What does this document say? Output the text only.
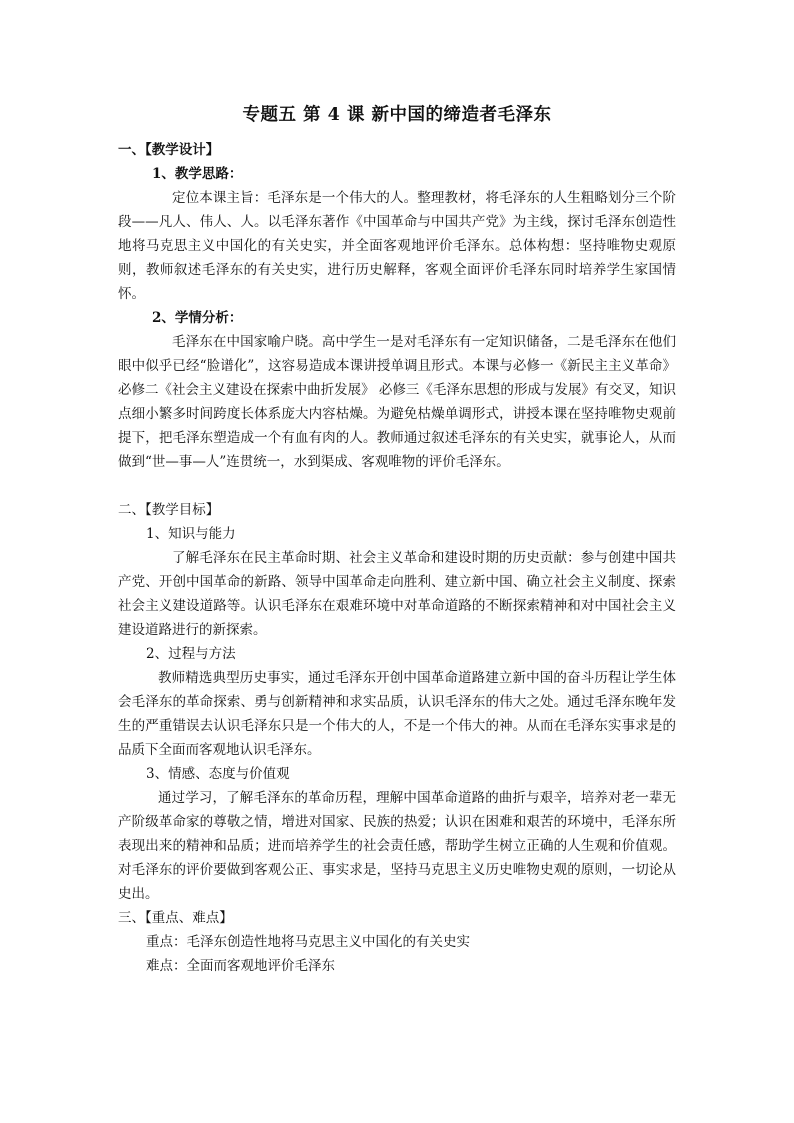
专题五 第 4 课 新中国的缔造者毛泽东
一、【教学设计】
1、教学思路：

定位本课主旨：毛泽东是一个伟大的人。整理教材，将毛泽东的人生粗略划分三个阶段——凡人、伟人、人。以毛泽东著作《中国革命与中国共产党》为主线，探讨毛泽东创造性地将马克思主义中国化的有关史实，并全面客观地评价毛泽东。总体构想：坚持唯物史观原则，教师叙述毛泽东的有关史实，进行历史解释，客观全面评价毛泽东同时培养学生家国情怀。

2、学情分析：

毛泽东在中国家喻户晓。高中学生一是对毛泽东有一定知识储备，二是毛泽东在他们眼中似乎已经“脸谱化”，这容易造成本课讲授单调且形式。本课与必修一《新民主主义革命》 必修二《社会主义建设在探索中曲折发展》 必修三《毛泽东思想的形成与发展》有交叉，知识点细小繁多时间跨度长体系庞大内容枯燥。为避免枯燥单调形式，讲授本课在坚持唯物史观前提下，把毛泽东塑造成一个有血有肉的人。教师通过叙述毛泽东的有关史实，就事论人，从而做到“世—事—人”连贯统一，水到渠成、客观唯物的评价毛泽东。

二、【教学目标】
1、知识与能力

了解毛泽东在民主革命时期、社会主义革命和建设时期的历史贡献：参与创建中国共产党、开创中国革命的新路、领导中国革命走向胜利、建立新中国、确立社会主义制度、探索社会主义建设道路等。认识毛泽东在艰难环境中对革命道路的不断探索精神和对中国社会主义建设道路进行的新探索。

2、过程与方法

教师精选典型历史事实，通过毛泽东开创中国革命道路建立新中国的奋斗历程让学生体会毛泽东的革命探索、勇与创新精神和求实品质，认识毛泽东的伟大之处。通过毛泽东晚年发生的严重错误去认识毛泽东只是一个伟大的人，不是一个伟大的神。从而在毛泽东实事求是的品质下全面而客观地认识毛泽东。

3、情感、态度与价值观

通过学习，了解毛泽东的革命历程，理解中国革命道路的曲折与艰辛，培养对老一辈无产阶级革命家的尊敬之情，增进对国家、民族的热爱；认识在困难和艰苦的环境中，毛泽东所表现出来的精神和品质；进而培养学生的社会责任感，帮助学生树立正确的人生观和价值观。对毛泽东的评价要做到客观公正、事实求是，坚持马克思主义历史唯物史观的原则，一切论从史出。

三、【重点、难点】
重点：毛泽东创造性地将马克思主义中国化的有关史实
难点：全面而客观地评价毛泽东
